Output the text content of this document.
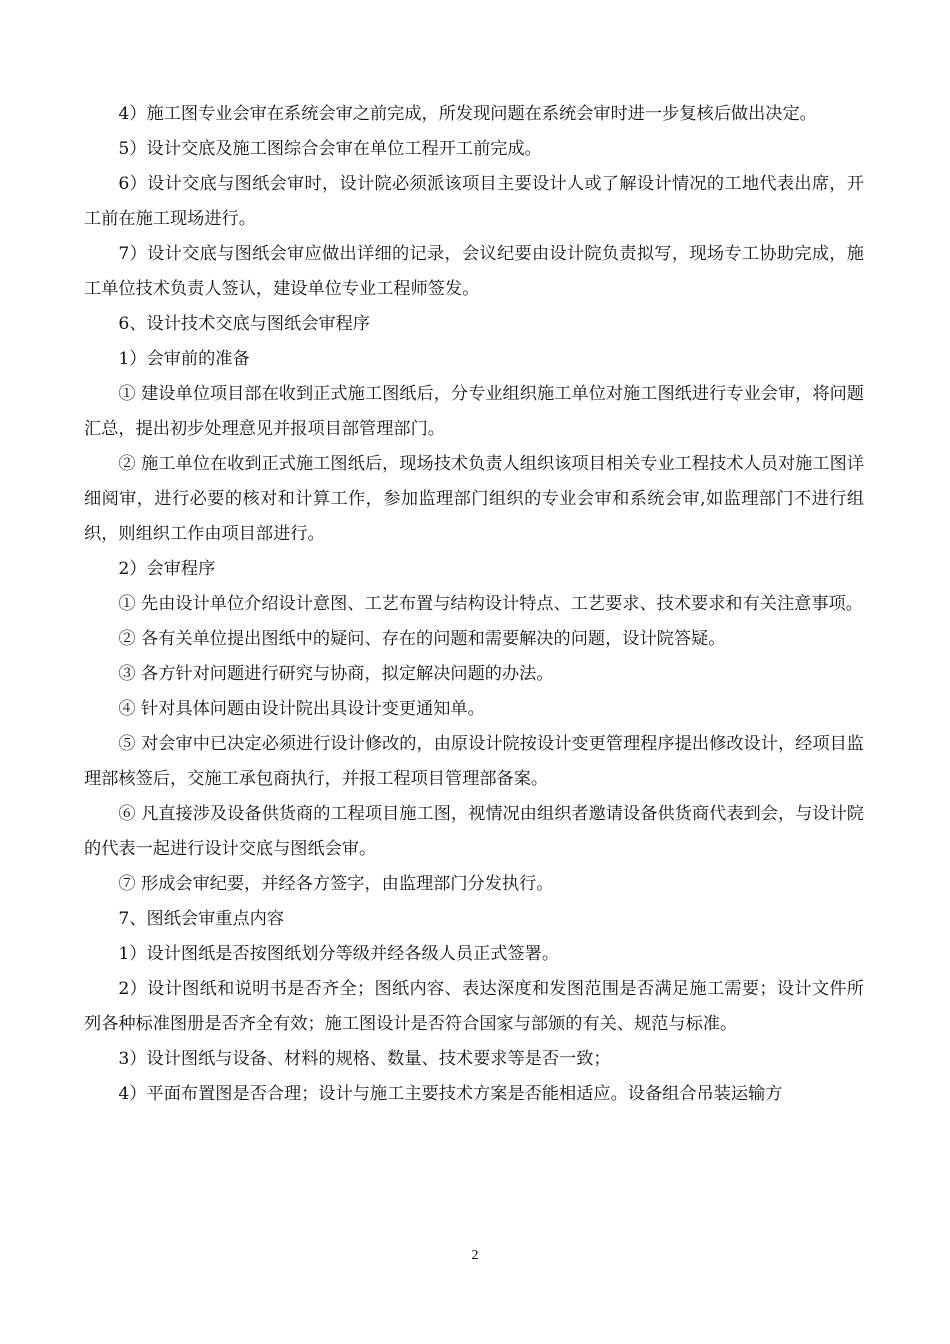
4）施工图专业会审在系统会审之前完成，所发现问题在系统会审时进一步复核后做出决定。

5）设计交底及施工图综合会审在单位工程开工前完成。

6）设计交底与图纸会审时，设计院必须派该项目主要设计人或了解设计情况的工地代表出席，开工前在施工现场进行。

7）设计交底与图纸会审应做出详细的记录，会议纪要由设计院负责拟写，现场专工协助完成，施工单位技术负责人签认，建设单位专业工程师签发。

6、设计技术交底与图纸会审程序

1）会审前的准备

① 建设单位项目部在收到正式施工图纸后，分专业组织施工单位对施工图纸进行专业会审，将问题汇总，提出初步处理意见并报项目部管理部门。

② 施工单位在收到正式施工图纸后，现场技术负责人组织该项目相关专业工程技术人员对施工图详细阅审，进行必要的核对和计算工作，参加监理部门组织的专业会审和系统会审,如监理部门不进行组织，则组织工作由项目部进行。

2）会审程序

① 先由设计单位介绍设计意图、工艺布置与结构设计特点、工艺要求、技术要求和有关注意事项。

② 各有关单位提出图纸中的疑问、存在的问题和需要解决的问题，设计院答疑。

③ 各方针对问题进行研究与协商，拟定解决问题的办法。

④ 针对具体问题由设计院出具设计变更通知单。

⑤ 对会审中已决定必须进行设计修改的，由原设计院按设计变更管理程序提出修改设计，经项目监理部核签后，交施工承包商执行，并报工程项目管理部备案。

⑥ 凡直接涉及设备供货商的工程项目施工图，视情况由组织者邀请设备供货商代表到会，与设计院的代表一起进行设计交底与图纸会审。

⑦ 形成会审纪要，并经各方签字，由监理部门分发执行。

7、图纸会审重点内容

1）设计图纸是否按图纸划分等级并经各级人员正式签署。

2）设计图纸和说明书是否齐全；图纸内容、表达深度和发图范围是否满足施工需要；设计文件所列各种标准图册是否齐全有效；施工图设计是否符合国家与部颁的有关、规范与标准。

3）设计图纸与设备、材料的规格、数量、技术要求等是否一致；

4）平面布置图是否合理；设计与施工主要技术方案是否能相适应。设备组合吊装运输方

2
